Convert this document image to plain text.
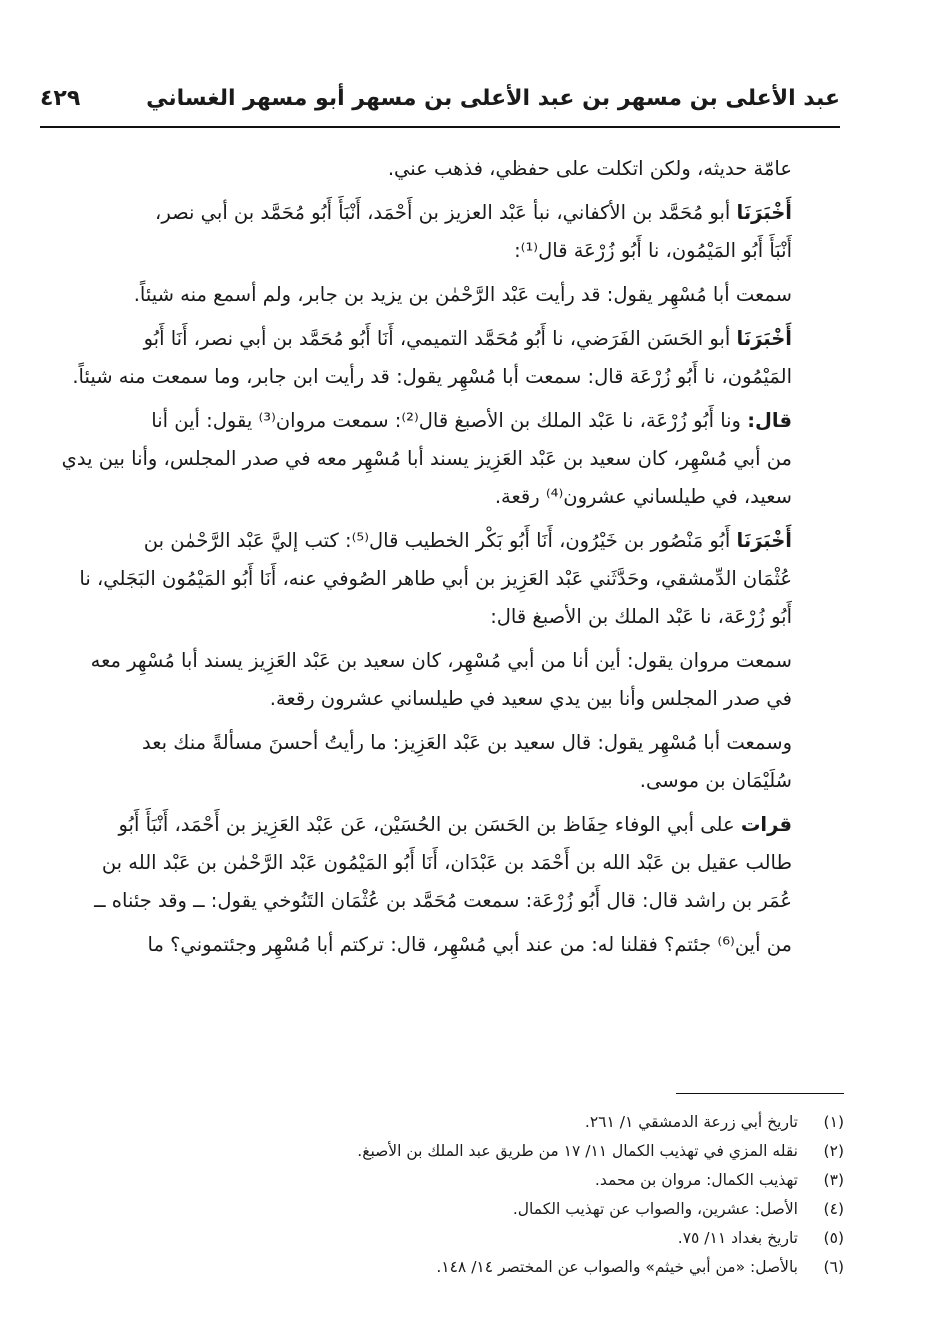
عبد الأعلى بن مسهر بن عبد الأعلى بن مسهر أبو مسهر الغساني
٤٢٩
عامّة حديثه، ولكن اتكلت على حفظي، فذهب عني.
أَخْبَرَنَا أبو مُحَمَّد بن الأكفاني، نبأ عَبْد العزيز بن أَحْمَد، أَنْبَأَ أَبُو مُحَمَّد بن أبي نصر،
أَنْبَأَ أَبُو المَيْمُون، نا أَبُو زُرْعَة قال⁽¹⁾:
سمعت أبا مُسْهِر يقول: قد رأيت عَبْد الرَّحْمٰن بن يزيد بن جابر، ولم أسمع منه شيئاً.
أَخْبَرَنَا أبو الحَسَن الفَرَضي، نا أَبُو مُحَمَّد التميمي، أَنَا أَبُو مُحَمَّد بن أبي نصر، أَنَا أَبُو
المَيْمُون، نا أَبُو زُرْعَة قال: سمعت أبا مُسْهِر يقول: قد رأيت ابن جابر، وما سمعت منه شيئاً.
قال: ونا أَبُو زُرْعَة، نا عَبْد الملك بن الأصبغ قال⁽²⁾: سمعت مروان⁽³⁾ يقول: أين أنا
من أبي مُسْهِر، كان سعيد بن عَبْد العَزِيز يسند أبا مُسْهِر معه في صدر المجلس، وأنا بين يدي
سعيد، في طيلساني عشرون⁽⁴⁾ رقعة.
أَخْبَرَنَا أَبُو مَنْصُور بن خَيْرُون، أَنَا أَبُو بَكْر الخطيب قال⁽⁵⁾: كتب إليَّ عَبْد الرَّحْمٰن بن
عُثْمَان الدِّمشقي، وحَدَّثَني عَبْد العَزِيز بن أبي طاهر الصُوفي عنه، أَنَا أَبُو المَيْمُون البَجَلي، نا
أَبُو زُرْعَة، نا عَبْد الملك بن الأصبغ قال:
سمعت مروان يقول: أين أنا من أبي مُسْهِر، كان سعيد بن عَبْد العَزِيز يسند أبا مُسْهِر معه
في صدر المجلس وأنا بين يدي سعيد في طيلساني عشرون رقعة.
وسمعت أبا مُسْهِر يقول: قال سعيد بن عَبْد العَزِيز: ما رأيتُ أحسنَ مسألةً منك بعد
سُلَيْمَان بن موسى.
قرات على أبي الوفاء حِفَاظ بن الحَسَن بن الحُسَيْن، عَن عَبْد العَزِيز بن أَحْمَد، أَنْبَأَ أَبُو
طالب عقيل بن عَبْد الله بن أَحْمَد بن عَبْدَان، أَنَا أَبُو المَيْمُون عَبْد الرَّحْمٰن بن عَبْد الله بن
عُمَر بن راشد قال: قال أَبُو زُرْعَة: سمعت مُحَمَّد بن عُثْمَان التَنُوخي يقول: ــ وقد جئناه ــ
من أين⁽⁶⁾ جئتم؟ فقلنا له: من عند أبي مُسْهِر، قال: تركتم أبا مُسْهِر وجئتموني؟ ما
(١)
تاريخ أبي زرعة الدمشقي ١/ ٢٦١.
(٢)
نقله المزي في تهذيب الكمال ١١/ ١٧ من طريق عبد الملك بن الأصبغ.
(٣)
تهذيب الكمال: مروان بن محمد.
(٤)
الأصل: عشرين، والصواب عن تهذيب الكمال.
(٥)
تاريخ بغداد ١١/ ٧٥.
(٦)
بالأصل: «من أبي خيثم» والصواب عن المختصر ١٤/ ١٤٨.
